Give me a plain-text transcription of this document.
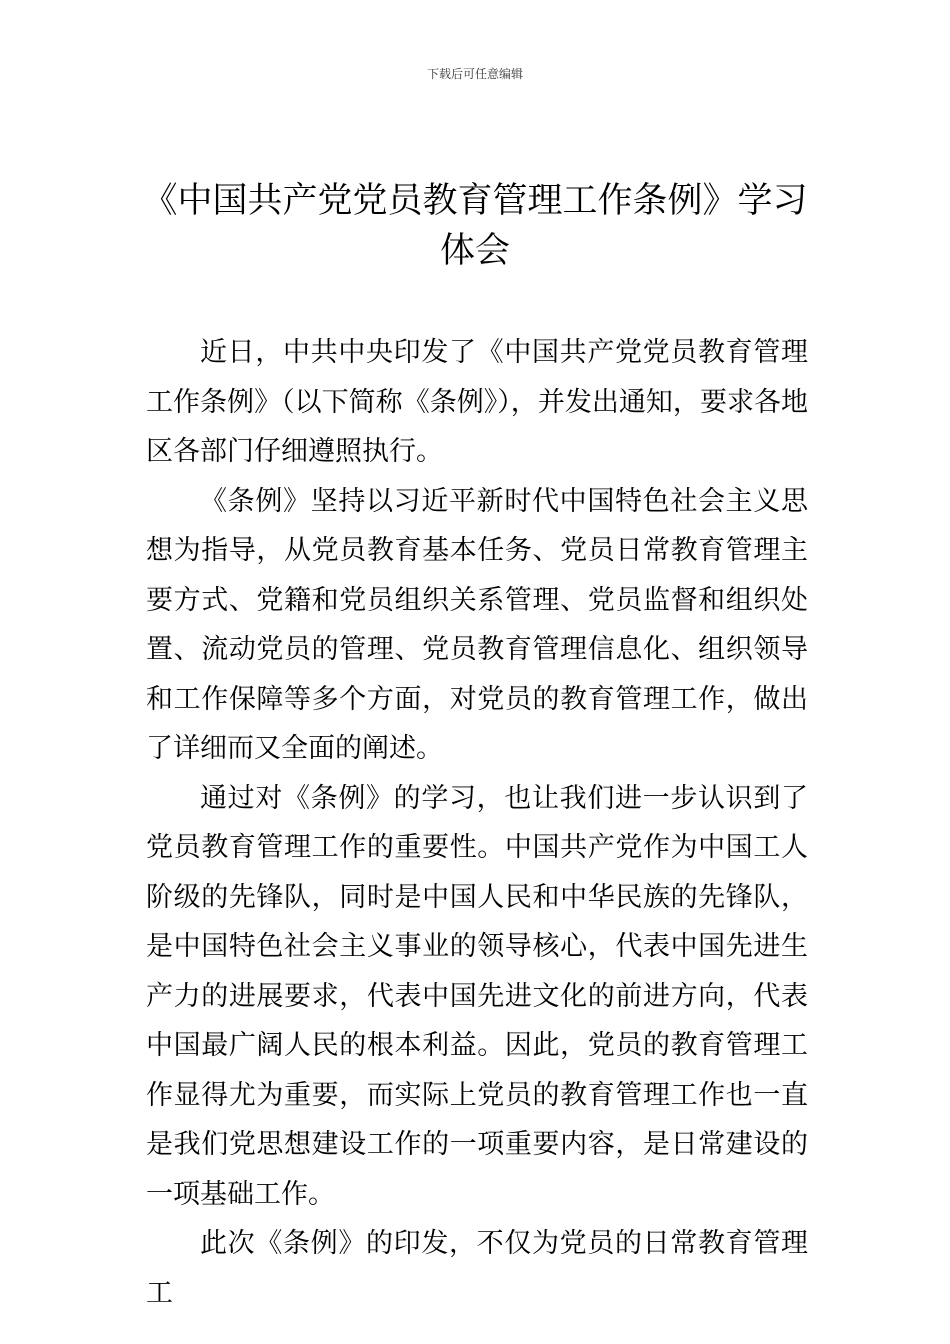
下载后可任意编辑
《中国共产党党员教育管理工作条例》学习体会

近日，中共中央印发了《中国共产党党员教育管理工作条例》（以下简称《条例》），并发出通知，要求各地区各部门仔细遵照执行。

《条例》坚持以习近平新时代中国特色社会主义思想为指导，从党员教育基本任务、党员日常教育管理主要方式、党籍和党员组织关系管理、党员监督和组织处置、流动党员的管理、党员教育管理信息化、组织领导和工作保障等多个方面，对党员的教育管理工作，做出了详细而又全面的阐述。

通过对《条例》的学习，也让我们进一步认识到了党员教育管理工作的重要性。中国共产党作为中国工人阶级的先锋队，同时是中国人民和中华民族的先锋队，是中国特色社会主义事业的领导核心，代表中国先进生产力的进展要求，代表中国先进文化的前进方向，代表中国最广阔人民的根本利益。因此，党员的教育管理工作显得尤为重要，而实际上党员的教育管理工作也一直是我们党思想建设工作的一项重要内容，是日常建设的一项基础工作。

此次《条例》的印发，不仅为党员的日常教育管理工
